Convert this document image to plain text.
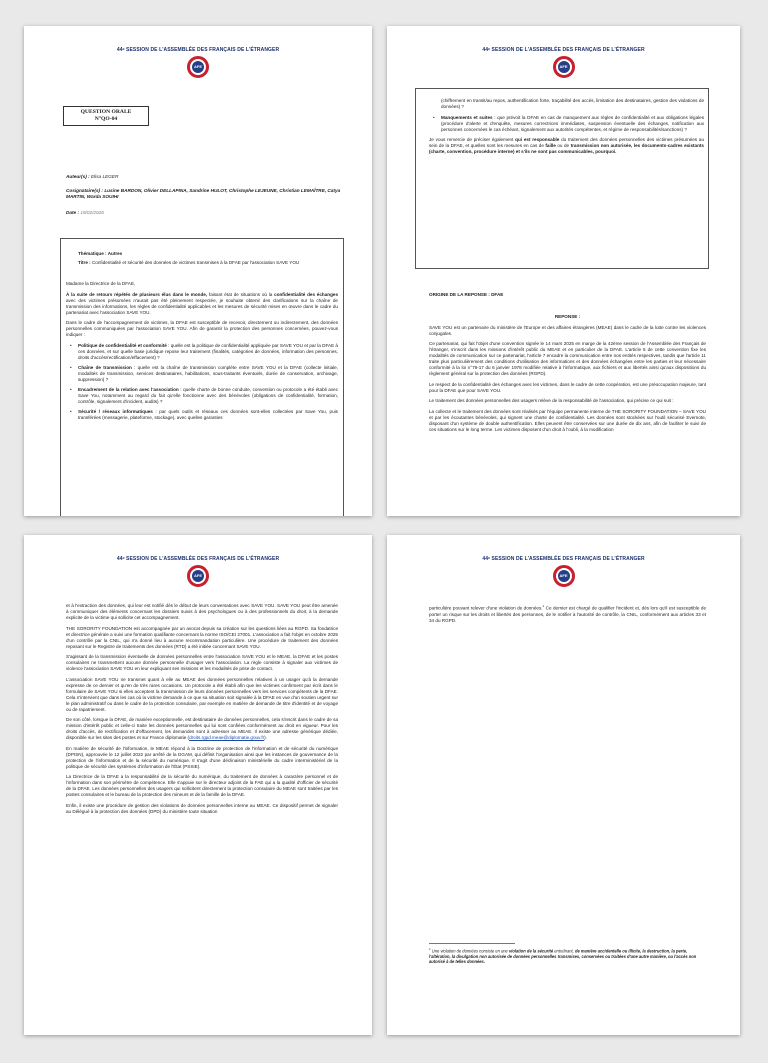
44ᵉ SESSION DE L'ASSEMBLÉE DES FRANÇAIS DE L'ÉTRANGER
AFE
QUESTION ORALE
N°QO-04
Auteur(s) : Elisa LEGER
Cosignataire(s) : Lusine BARDON, Olivier DELLAPINA, Sandrine HULOT, Christophe LEJEUNE, Christian LEMAÎTRE, Catya MARTIN, Warda SOUIHI
Date : 15/02/2026

Thématique : Autres

Titre : Confidentialité et sécurité des données de victimes transmises à la DFAE par l'association SAVE YOU

Madame la Directrice de la DFAE,

À la suite de retours répétés de plusieurs élus dans le monde, faisant état de situations où la confidentialité des échanges avec des victimes présumées n'aurait pas été pleinement respectée, je souhaite obtenir des clarifications sur la chaîne de transmission des informations, les règles de confidentialité applicables et les mesures de sécurité mises en œuvre dans le cadre du partenariat avec l'association SAVE YOU.

Dans le cadre de l'accompagnement de victimes, la DFAE est susceptible de recevoir, directement ou indirectement, des données personnelles communiquées par l'association SAVE YOU. Afin de garantir la protection des personnes concernées, pouvez-vous indiquer :

• Politique de confidentialité et conformité : quelle est la politique de confidentialité appliquée par SAVE YOU et par la DFAE à ces données, et sur quelle base juridique repose leur traitement (finalités, catégories de données, information des personnes, droits d'accès/rectification/effacement) ?
• Chaîne de transmission : quelle est la chaîne de transmission complète entre SAVE YOU et la DFAE (collecte initiale, modalités de transmission, services destinataires, habilitations, sous-traitants éventuels, durée de conservation, archivage, suppression) ?
• Encadrement de la relation avec l'association : quelle charte de bonne conduite, convention ou protocole a été établi avec Save You, notamment au regard du fait qu'elle fonctionne avec des bénévoles (obligations de confidentialité, formation, contrôle, signalement d'incident, audits) ?
• Sécurité / réseaux informatiques : par quels outils et réseaux ces données sont-elles collectées par Save You, puis transférées (messagerie, plateforme, stockage), avec quelles garanties
44ᵉ SESSION DE L'ASSEMBLÉE DES FRANÇAIS DE L'ÉTRANGER
AFE

(chiffrement en transit/au repos, authentification forte, traçabilité des accès, limitation des destinataires, gestion des violations de données) ?

• Manquements et suites : que prévoit la DFAE en cas de manquement aux règles de confidentialité et aux obligations légales (procédure d'alerte et d'enquête, mesures correctrices immédiates, suspension éventuelle des échanges, notification aux personnes concernées le cas échéant, signalement aux autorités compétentes, et régime de responsabilités/sanctions) ?

Je vous remercie de préciser également qui est responsable du traitement des données personnelles des victimes présumées au sein de la DFAE, et quelles sont les mesures en cas de faille ou de transmission non autorisée, les documents-cadres existants (charte, convention, procédure interne) et s'ils ne sont pas communicables, pourquoi.

ORIGINE DE LA REPONSE : DFAE

REPONSE :

SAVE YOU est un partenaire du ministère de l'Europe et des affaires étrangères (MEAE) dans le cadre de la lutte contre les violences conjugales.

Ce partenariat, qui fait l'objet d'une convention signée le 14 mars 2025 en marge de la 42ème session de l'Assemblée des Français de l'étranger, s'inscrit dans les missions d'intérêt public du MEAE et en particulier de la DFAE. L'article 5 de cette convention fixe les modalités de communication sur ce partenariat, l'article 7 encadre la communication entre nos entités respectives, tandis que l'article 11 traite plus particulièrement des conditions d'utilisation des informations et des données échangées entre les parties et leur nécessaire conformité à la loi n°78-17 du 6 janvier 1978 modifiée relative à l'informatique, aux fichiers et aux libertés ainsi qu'aux dispositions du règlement général sur la protection des données (RGPD).

Le respect de la confidentialité des échanges avec les victimes, dans le cadre de cette coopération, est une préoccupation majeure, tant pour la DFAE que pour SAVE YOU.

Le traitement des données personnelles des usagers relève de la responsabilité de l'association, qui précise ce qui suit :

La collecte et le traitement des données sont réalisés par l'équipe permanente interne de THE SORORITY FOUNDATION – SAVE YOU et par les écoutantes bénévoles, qui signent une charte de confidentialité. Les données sont stockées sur l'outil sécurisé Evernote, disposant d'un système de double authentification. Elles peuvent être conservées sur une durée de dix ans, afin de faciliter le suivi de ces situations sur le long terme. Les victimes disposent d'un droit à l'oubli, à la modification

44ᵉ SESSION DE L'ASSEMBLÉE DES FRANÇAIS DE L'ÉTRANGER
AFE

et à l'extraction des données, qui leur est notifié dès le début de leurs conversations avec SAVE YOU. SAVE YOU peut être amenée à communiquer des éléments concernant les dossiers suivis à des psychologues ou à des professionnels du droit, à la demande explicite de la victime qui sollicite cet accompagnement.

THE SORORITY FOUNDATION est accompagnée par un avocat depuis sa création sur les questions liées au RGPD. Sa fondatrice et directrice générale a suivi une formation qualifiante concernant la norme ISO/CEI 27001. L'association a fait l'objet en octobre 2025 d'un contrôle par la CNIL, qui n'a donné lieu à aucune recommandation particulière. Une procédure de traitement des données reposant sur le Registre de traitements des données (RTD) a été initiée concernant SAVE YOU.

S'agissant de la transmission éventuelle de données personnelles entre l'association SAVE YOU et le MEAE, la DFAE et les postes consulaires ne transmettent aucune donnée personnelle d'usager vers l'association. La règle consiste à signaler aux victimes de violence l'association SAVE YOU en leur expliquant ses missions et les modalités de prise de contact.

L'association SAVE YOU ne transmet quant à elle au MEAE des données personnelles relatives à un usager qu'à la demande expresse de ce dernier et qu'en de très rares occasions. Un protocole a été établi afin que les victimes confirment par écrit dans le formulaire de SAVE YOU si elles acceptent la transmission de leurs données personnelles vers les services compétents de la DFAE. Cela n'intervient que dans les cas où la victime demande à ce que sa situation soit signalée à la DFAE en vue d'un soutien urgent sur le plan administratif ou dans le cadre de la protection consulaire, par exemple en matière de demande de titre d'identité et de voyage ou de rapatriement.

De son côté, lorsque la DFAE, de manière exceptionnelle, est destinataire de données personnelles, cela s'inscrit dans le cadre de sa mission d'intérêt public et celle-ci traite les données personnelles qui lui sont confiées conformément au droit en vigueur. Pour les droits d'accès, de rectification et d'effacement, les demandes sont à adresser au MEAE. Il existe une adresse générique dédiée, disponible sur les sites des postes et sur France diplomatie (droits.rgpd.meae@diplomatie.gouv.fr).

En matière de sécurité de l'information, le MEAE répond à la Doctrine de protection de l'information et de sécurité du numérique (DPISN), approuvée le 12 juillet 2022 par arrêté de la DGAM, qui définit l'organisation ainsi que les instances de gouvernance de la protection de l'information et de la sécurité du numérique. Il s'agit d'une déclinaison ministérielle du cadre interministériel de la politique de sécurité des systèmes d'information de l'État (PSSIE).

La Directrice de la DFAE a la responsabilité de la sécurité du numérique, du traitement de données à caractère personnel et de l'information dans son périmètre de compétence. Elle s'appuie sur le directeur adjoint de la FAE qui a la qualité d'officier de sécurité de la DFAE. Les données personnelles des usagers qui sollicitent directement la protection consulaire du MEAE sont traitées par les postes consulaires et le bureau de la protection des mineurs et de la famille de la DFAE.

Enfin, il existe une procédure de gestion des violations de données personnelles interne au MEAE. Ce dispositif permet de signaler au Délégué à la protection des données (DPD) du ministère toute situation

44ᵉ SESSION DE L'ASSEMBLÉE DES FRANÇAIS DE L'ÉTRANGER
AFE

particulière pouvant relever d'une violation de données.$^1$ Ce dernier est chargé de qualifier l'incident et, dès lors qu'il est susceptible de porter un risque sur les droits et libertés des personnes, de le notifier à l'autorité de contrôle, la CNIL, conformément aux articles 33 et 34 du RGPD.

$^1$ Une violation de données consiste en une violation de la sécurité entraînant, de manière accidentelle ou illicite, la destruction, la perte, l'altération, la divulgation non autorisée de données personnelles transmises, conservées ou traitées d'une autre manière, ou l'accès non autorisé à de telles données.
